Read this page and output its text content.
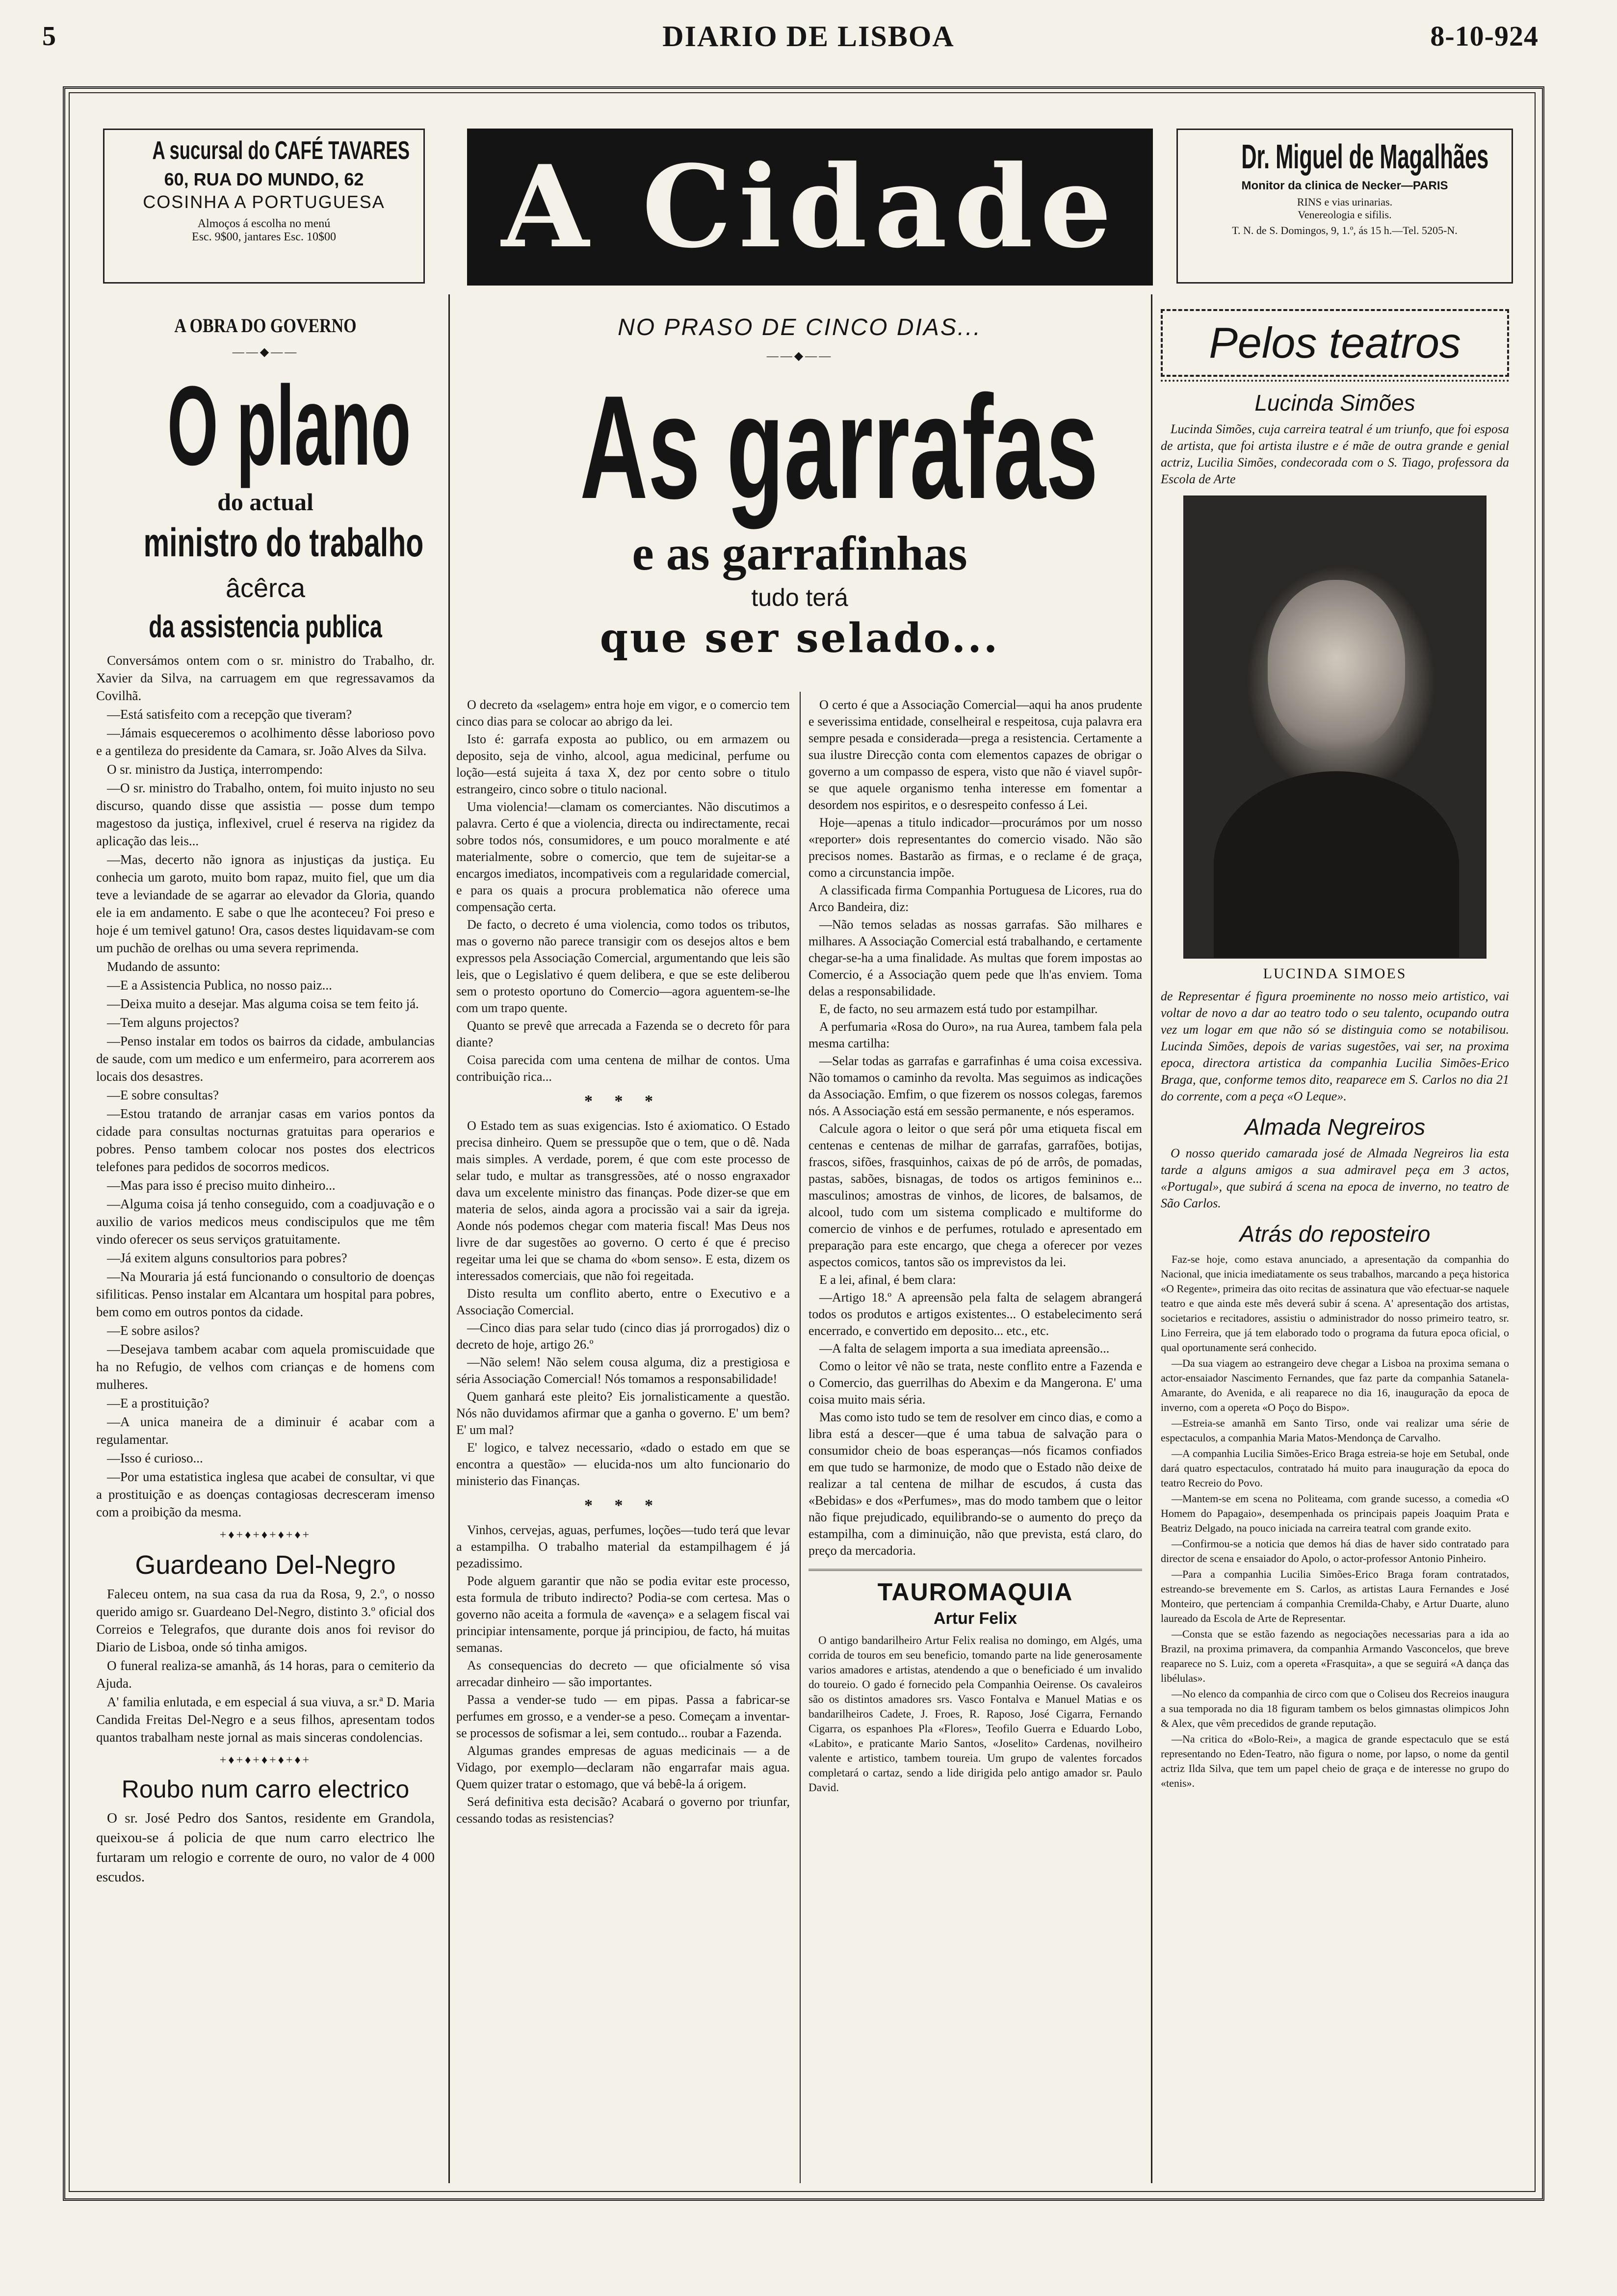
5	DIARIO DE LISBOA	8-10-924
A sucursal do CAFÉ TAVARES
60, RUA DO MUNDO, 62
COSINHA A PORTUGUESA
Almoços á escolha no menú
Esc. 9$00, jantares Esc. 10$00	A Cidade	Dr. Miguel de Magalhães
Monitor da clinica de Necker—PARIS
RINS e vias urinarias.
Venereologia e sifilis.
T. N. de S. Domingos, 9, 1.º, ás 15 h.—Tel. 5205-N.
A OBRA DO GOVERNO
——◆——
O plano
do actual
ministro do trabalho
âcêrca
da assistencia publica

Conversámos ontem com o sr. ministro do Trabalho, dr. Xavier da Silva, na carruagem em que regressavamos da Covilhã.

—Está satisfeito com a recepção que tiveram?

—Jámais esqueceremos o acolhimento dêsse laborioso povo e a gentileza do presidente da Camara, sr. João Alves da Silva.

O sr. ministro da Justiça, interrompendo:

—O sr. ministro do Trabalho, ontem, foi muito injusto no seu discurso, quando disse que assistia — posse dum tempo magestoso da justiça, inflexivel, cruel é reserva na rigidez da aplicação das leis...

—Mas, decerto não ignora as injustiças da justiça. Eu conhecia um garoto, muito bom rapaz, muito fiel, que um dia teve a leviandade de se agarrar ao elevador da Gloria, quando ele ia em andamento. E sabe o que lhe aconteceu? Foi preso e hoje é um temivel gatuno! Ora, casos destes liquidavam-se com um puchão de orelhas ou uma severa reprimenda.

Mudando de assunto:

—E a Assistencia Publica, no nosso paiz...

—Deixa muito a desejar. Mas alguma coisa se tem feito já.

—Tem alguns projectos?

—Penso instalar em todos os bairros da cidade, ambulancias de saude, com um medico e um enfermeiro, para acorrerem aos locais dos desastres.

—E sobre consultas?

—Estou tratando de arranjar casas em varios pontos da cidade para consultas nocturnas gratuitas para operarios e pobres. Penso tambem colocar nos postes dos electricos telefones para pedidos de socorros medicos.

—Mas para isso é preciso muito dinheiro...

—Alguma coisa já tenho conseguido, com a coadjuvação e o auxilio de varios medicos meus condiscipulos que me têm vindo oferecer os seus serviços gratuitamente.

—Já exitem alguns consultorios para pobres?

—Na Mouraria já está funcionando o consultorio de doenças sifiliticas. Penso instalar em Alcantara um hospital para pobres, bem como em outros pontos da cidade.

—E sobre asilos?

—Desejava tambem acabar com aquela promiscuidade que ha no Refugio, de velhos com crianças e de homens com mulheres.

—E a prostituição?

—A unica maneira de a diminuir é acabar com a regulamentar.

—Isso é curioso...

—Por uma estatistica inglesa que acabei de consultar, vi que a prostituição e as doenças contagiosas decresceram imenso com a proibição da mesma.

+♦+♦+♦+♦+♦+
Guardeano Del-Negro

Faleceu ontem, na sua casa da rua da Rosa, 9, 2.º, o nosso querido amigo sr. Guardeano Del-Negro, distinto 3.º oficial dos Correios e Telegrafos, que durante dois anos foi revisor do Diario de Lisboa, onde só tinha amigos.

O funeral realiza-se amanhã, ás 14 horas, para o cemiterio da Ajuda.

A' familia enlutada, e em especial á sua viuva, a sr.ª D. Maria Candida Freitas Del-Negro e a seus filhos, apresentam todos quantos trabalham neste jornal as mais sinceras condolencias.

+♦+♦+♦+♦+♦+
Roubo num carro electrico

O sr. José Pedro dos Santos, residente em Grandola, queixou-se á policia de que num carro electrico lhe furtaram um relogio e corrente de ouro, no valor de 4 000 escudos.

NO PRASO DE CINCO DIAS...
——◆——
As garrafas
e as garrafinhas
tudo terá
que ser selado...

O decreto da «selagem» entra hoje em vigor, e o comercio tem cinco dias para se colocar ao abrigo da lei.

Isto é: garrafa exposta ao publico, ou em armazem ou deposito, seja de vinho, alcool, agua medicinal, perfume ou loção—está sujeita á taxa X, dez por cento sobre o titulo estrangeiro, cinco sobre o titulo nacional.

Uma violencia!—clamam os comerciantes. Não discutimos a palavra. Certo é que a violencia, directa ou indirectamente, recai sobre todos nós, consumidores, e um pouco moralmente e até materialmente, sobre o comercio, que tem de sujeitar-se a encargos imediatos, incompativeis com a regularidade comercial, e para os quais a procura problematica não oferece uma compensação certa.

De facto, o decreto é uma violencia, como todos os tributos, mas o governo não parece transigir com os desejos altos e bem expressos pela Associação Comercial, argumentando que leis são leis, que o Legislativo é quem delibera, e que se este deliberou sem o protesto oportuno do Comercio—agora aguentem-se-lhe com um trapo quente.

Quanto se prevê que arrecada a Fazenda se o decreto fôr para diante?

Coisa parecida com uma centena de milhar de contos. Uma contribuição rica...

* * *

O Estado tem as suas exigencias. Isto é axiomatico. O Estado precisa dinheiro. Quem se pressupõe que o tem, que o dê. Nada mais simples. A verdade, porem, é que com este processo de selar tudo, e multar as transgressões, até o nosso engraxador dava um excelente ministro das finanças. Pode dizer-se que em materia de selos, ainda agora a procissão vai a sair da igreja. Aonde nós podemos chegar com materia fiscal! Mas Deus nos livre de dar sugestões ao governo. O certo é que é preciso regeitar uma lei que se chama do «bom senso». E esta, dizem os interessados comerciais, que não foi regeitada.

Disto resulta um conflito aberto, entre o Executivo e a Associação Comercial.

—Cinco dias para selar tudo (cinco dias já prorrogados) diz o decreto de hoje, artigo 26.º

—Não selem! Não selem cousa alguma, diz a prestigiosa e séria Associação Comercial! Nós tomamos a responsabilidade!

Quem ganhará este pleito? Eis jornalisticamente a questão. Nós não duvidamos afirmar que a ganha o governo. E' um bem? E' um mal?

E' logico, e talvez necessario, «dado o estado em que se encontra a questão» — elucida-nos um alto funcionario do ministerio das Finanças.

* * *

Vinhos, cervejas, aguas, perfumes, loções—tudo terá que levar a estampilha. O trabalho material da estampilhagem é já pezadissimo.

Pode alguem garantir que não se podia evitar este processo, esta formula de tributo indirecto? Podia-se com certesa. Mas o governo não aceita a formula de «avença» e a selagem fiscal vai principiar intensamente, porque já principiou, de facto, há muitas semanas.

As consequencias do decreto — que oficialmente só visa arrecadar dinheiro — são importantes.

Passa a vender-se tudo — em pipas. Passa a fabricar-se perfumes em grosso, e a vender-se a peso. Começam a inventar-se processos de sofismar a lei, sem contudo... roubar a Fazenda.

Algumas grandes empresas de aguas medicinais — a de Vidago, por exemplo—declaram não engarrafar mais agua. Quem quizer tratar o estomago, que vá bebê-la á origem.

Será definitiva esta decisão? Acabará o governo por triunfar, cessando todas as resistencias?

O certo é que a Associação Comercial—aqui ha anos prudente e severissima entidade, conselheiral e respeitosa, cuja palavra era sempre pesada e considerada—prega a resistencia. Certamente a sua ilustre Direcção conta com elementos capazes de obrigar o governo a um compasso de espera, visto que não é viavel supôr-se que aquele organismo tenha interesse em fomentar a desordem nos espiritos, e o desrespeito confesso á Lei.

Hoje—apenas a titulo indicador—procurámos por um nosso «reporter» dois representantes do comercio visado. Não são precisos nomes. Bastarão as firmas, e o reclame é de graça, como a circunstancia impõe.

A classificada firma Companhia Portuguesa de Licores, rua do Arco Bandeira, diz:

—Não temos seladas as nossas garrafas. São milhares e milhares. A Associação Comercial está trabalhando, e certamente chegar-se-ha a uma finalidade. As multas que forem impostas ao Comercio, é a Associação quem pede que lh'as enviem. Toma delas a responsabilidade.

E, de facto, no seu armazem está tudo por estampilhar.

A perfumaria «Rosa do Ouro», na rua Aurea, tambem fala pela mesma cartilha:

—Selar todas as garrafas e garrafinhas é uma coisa excessiva. Não tomamos o caminho da revolta. Mas seguimos as indicações da Associação. Emfim, o que fizerem os nossos colegas, faremos nós. A Associação está em sessão permanente, e nós esperamos.

Calcule agora o leitor o que será pôr uma etiqueta fiscal em centenas e centenas de milhar de garrafas, garrafões, botijas, frascos, sifões, frasquinhos, caixas de pó de arrôs, de pomadas, pastas, sabões, bisnagas, de todos os artigos femininos e... masculinos; amostras de vinhos, de licores, de balsamos, de alcool, tudo com um sistema complicado e multiforme do comercio de vinhos e de perfumes, rotulado e apresentado em preparação para este encargo, que chega a oferecer por vezes aspectos comicos, tantos são os imprevistos da lei.

E a lei, afinal, é bem clara:

—Artigo 18.º A apreensão pela falta de selagem abrangerá todos os produtos e artigos existentes... O estabelecimento será encerrado, e convertido em deposito... etc., etc.

—A falta de selagem importa a sua imediata apreensão...

Como o leitor vê não se trata, neste conflito entre a Fazenda e o Comercio, das guerrilhas do Abexim e da Mangerona. E' uma coisa muito mais séria.

Mas como isto tudo se tem de resolver em cinco dias, e como a libra está a descer—que é uma tabua de salvação para o consumidor cheio de boas esperanças—nós ficamos confiados em que tudo se harmonize, de modo que o Estado não deixe de realizar a tal centena de milhar de escudos, á custa das «Bebidas» e dos «Perfumes», mas do modo tambem que o leitor não fique prejudicado, equilibrando-se o aumento do preço da estampilha, com a diminuição, não que prevista, está claro, do preço da mercadoria.

TAUROMAQUIA
Artur Felix

O antigo bandarilheiro Artur Felix realisa no domingo, em Algés, uma corrida de touros em seu beneficio, tomando parte na lide generosamente varios amadores e artistas, atendendo a que o beneficiado é um invalido do toureio. O gado é fornecido pela Companhia Oeirense. Os cavaleiros são os distintos amadores srs. Vasco Fontalva e Manuel Matias e os bandarilheiros Cadete, J. Froes, R. Raposo, José Cigarra, Fernando Cigarra, os espanhoes Pla «Flores», Teofilo Guerra e Eduardo Lobo, «Labito», e praticante Mario Santos, «Joselito» Cardenas, novilheiro valente e artistico, tambem toureia. Um grupo de valentes forcados completará o cartaz, sendo a lide dirigida pelo antigo amador sr. Paulo David.

Pelos teatros
Lucinda Simões

Lucinda Simões, cuja carreira teatral é um triunfo, que foi esposa de artista, que foi artista ilustre e é mãe de outra grande e genial actriz, Lucilia Simões, condecorada com o S. Tiago, professora da Escola de Arte

LUCINDA SIMOES

de Representar é figura proeminente no nosso meio artistico, vai voltar de novo a dar ao teatro todo o seu talento, ocupando outra vez um logar em que não só se distinguia como se notabilisou. Lucinda Simões, depois de varias sugestões, vai ser, na proxima epoca, directora artistica da companhia Lucilia Simões-Erico Braga, que, conforme temos dito, reaparece em S. Carlos no dia 21 do corrente, com a peça «O Leque».

Almada Negreiros

O nosso querido camarada josé de Almada Negreiros lia esta tarde a alguns amigos a sua admiravel peça em 3 actos, «Portugal», que subirá á scena na epoca de inverno, no teatro de São Carlos.

Atrás do reposteiro

Faz-se hoje, como estava anunciado, a apresentação da companhia do Nacional, que inicia imediatamente os seus trabalhos, marcando a peça historica «O Regente», primeira das oito recitas de assinatura que vão efectuar-se naquele teatro e que ainda este mês deverá subir á scena. A' apresentação dos artistas, societarios e recitadores, assistiu o administrador do nosso primeiro teatro, sr. Lino Ferreira, que já tem elaborado todo o programa da futura epoca oficial, o qual oportunamente será conhecido.

—Da sua viagem ao estrangeiro deve chegar a Lisboa na proxima semana o actor-ensaiador Nascimento Fernandes, que faz parte da companhia Satanela-Amarante, do Avenida, e ali reaparece no dia 16, inauguração da epoca de inverno, com a opereta «O Poço do Bispo».

—Estreia-se amanhã em Santo Tirso, onde vai realizar uma série de espectaculos, a companhia Maria Matos-Mendonça de Carvalho.

—A companhia Lucilia Simões-Erico Braga estreia-se hoje em Setubal, onde dará quatro espectaculos, contratado há muito para inauguração da epoca do teatro Recreio do Povo.

—Mantem-se em scena no Politeama, com grande sucesso, a comedia «O Homem do Papagaio», desempenhada os principais papeis Joaquim Prata e Beatriz Delgado, na pouco iniciada na carreira teatral com grande exito.

—Confirmou-se a noticia que demos há dias de haver sido contratado para director de scena e ensaiador do Apolo, o actor-professor Antonio Pinheiro.

—Para a companhia Lucilia Simões-Erico Braga foram contratados, estreando-se brevemente em S. Carlos, as artistas Laura Fernandes e José Monteiro, que pertenciam á companhia Cremilda-Chaby, e Artur Duarte, aluno laureado da Escola de Arte de Representar.

—Consta que se estão fazendo as negociações necessarias para a ida ao Brazil, na proxima primavera, da companhia Armando Vasconcelos, que breve reaparece no S. Luiz, com a opereta «Frasquita», a que se seguirá «A dança das libélulas».

—No elenco da companhia de circo com que o Coliseu dos Recreios inaugura a sua temporada no dia 18 figuram tambem os belos gimnastas olimpicos John & Alex, que vêm precedidos de grande reputação.

—Na critica do «Bolo-Rei», a magica de grande espectaculo que se está representando no Eden-Teatro, não figura o nome, por lapso, o nome da gentil actriz Ilda Silva, que tem um papel cheio de graça e de interesse no grupo do «tenis».
